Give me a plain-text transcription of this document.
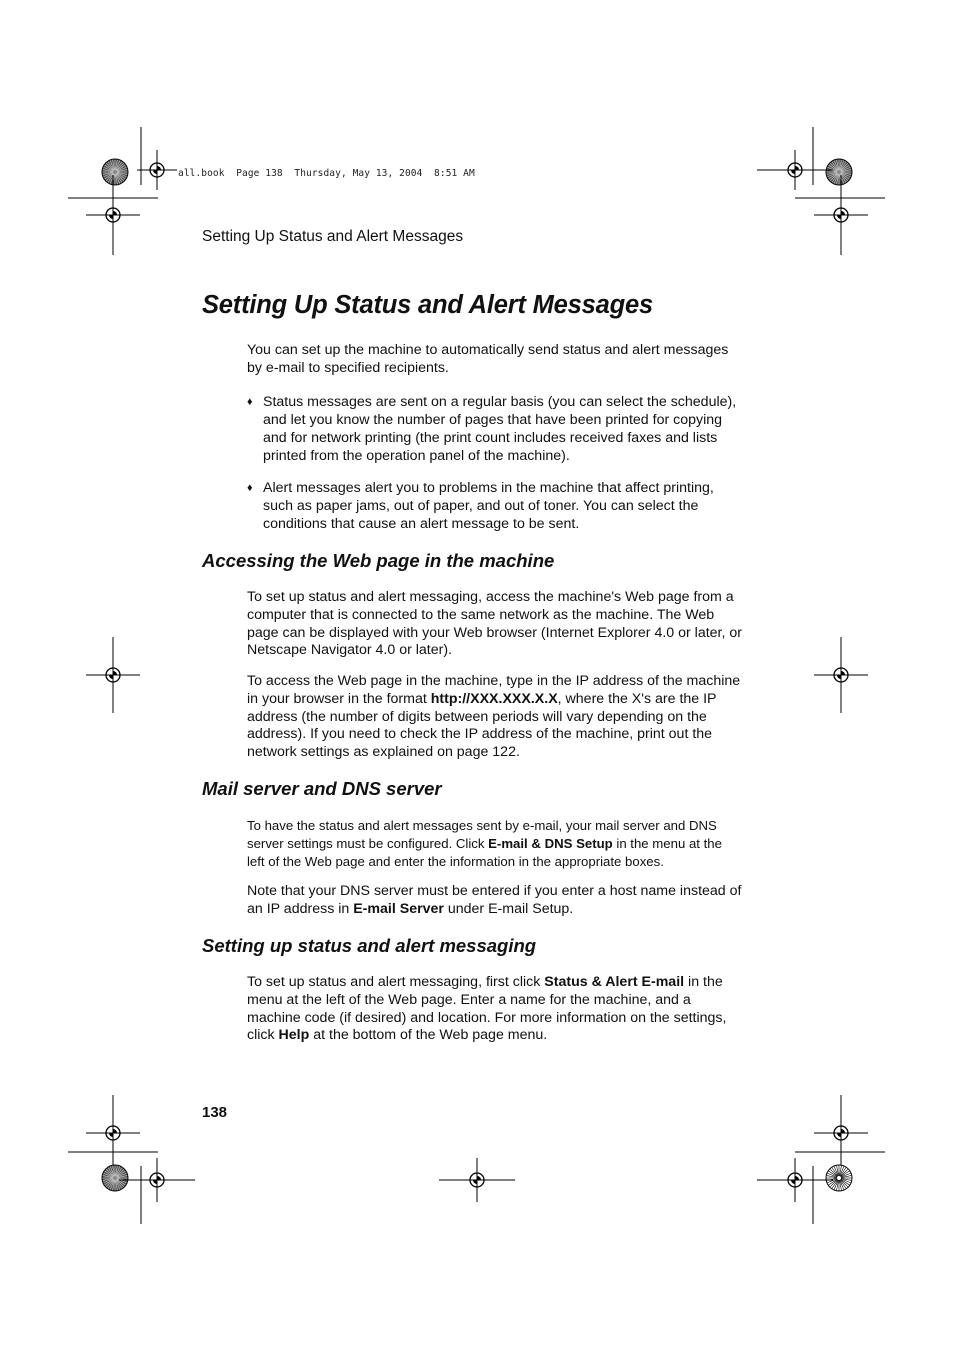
all.book  Page 138  Thursday, May 13, 2004  8:51 AM
Setting Up Status and Alert Messages
Setting Up Status and Alert Messages

You can set up the machine to automatically send status and alert messages by e-mail to specified recipients.

♦ Status messages are sent on a regular basis (you can select the schedule), and let you know the number of pages that have been printed for copying and for network printing (the print count includes received faxes and lists printed from the operation panel of the machine).
♦ Alert messages alert you to problems in the machine that affect printing, such as paper jams, out of paper, and out of toner. You can select the conditions that cause an alert message to be sent.
Accessing the Web page in the machine

To set up status and alert messaging, access the machine's Web page from a computer that is connected to the same network as the machine. The Web page can be displayed with your Web browser (Internet Explorer 4.0 or later, or Netscape Navigator 4.0 or later).

To access the Web page in the machine, type in the IP address of the machine in your browser in the format http://XXX.XXX.X.X, where the X's are the IP address (the number of digits between periods will vary depending on the address). If you need to check the IP address of the machine, print out the network settings as explained on page 122.

Mail server and DNS server

To have the status and alert messages sent by e-mail, your mail server and DNS server settings must be configured. Click E-mail & DNS Setup in the menu at the left of the Web page and enter the information in the appropriate boxes.

Note that your DNS server must be entered if you enter a host name instead of an IP address in E-mail Server under E-mail Setup.

Setting up status and alert messaging

To set up status and alert messaging, first click Status & Alert E-mail in the menu at the left of the Web page. Enter a name for the machine, and a machine code (if desired) and location. For more information on the settings, click Help at the bottom of the Web page menu.

138
